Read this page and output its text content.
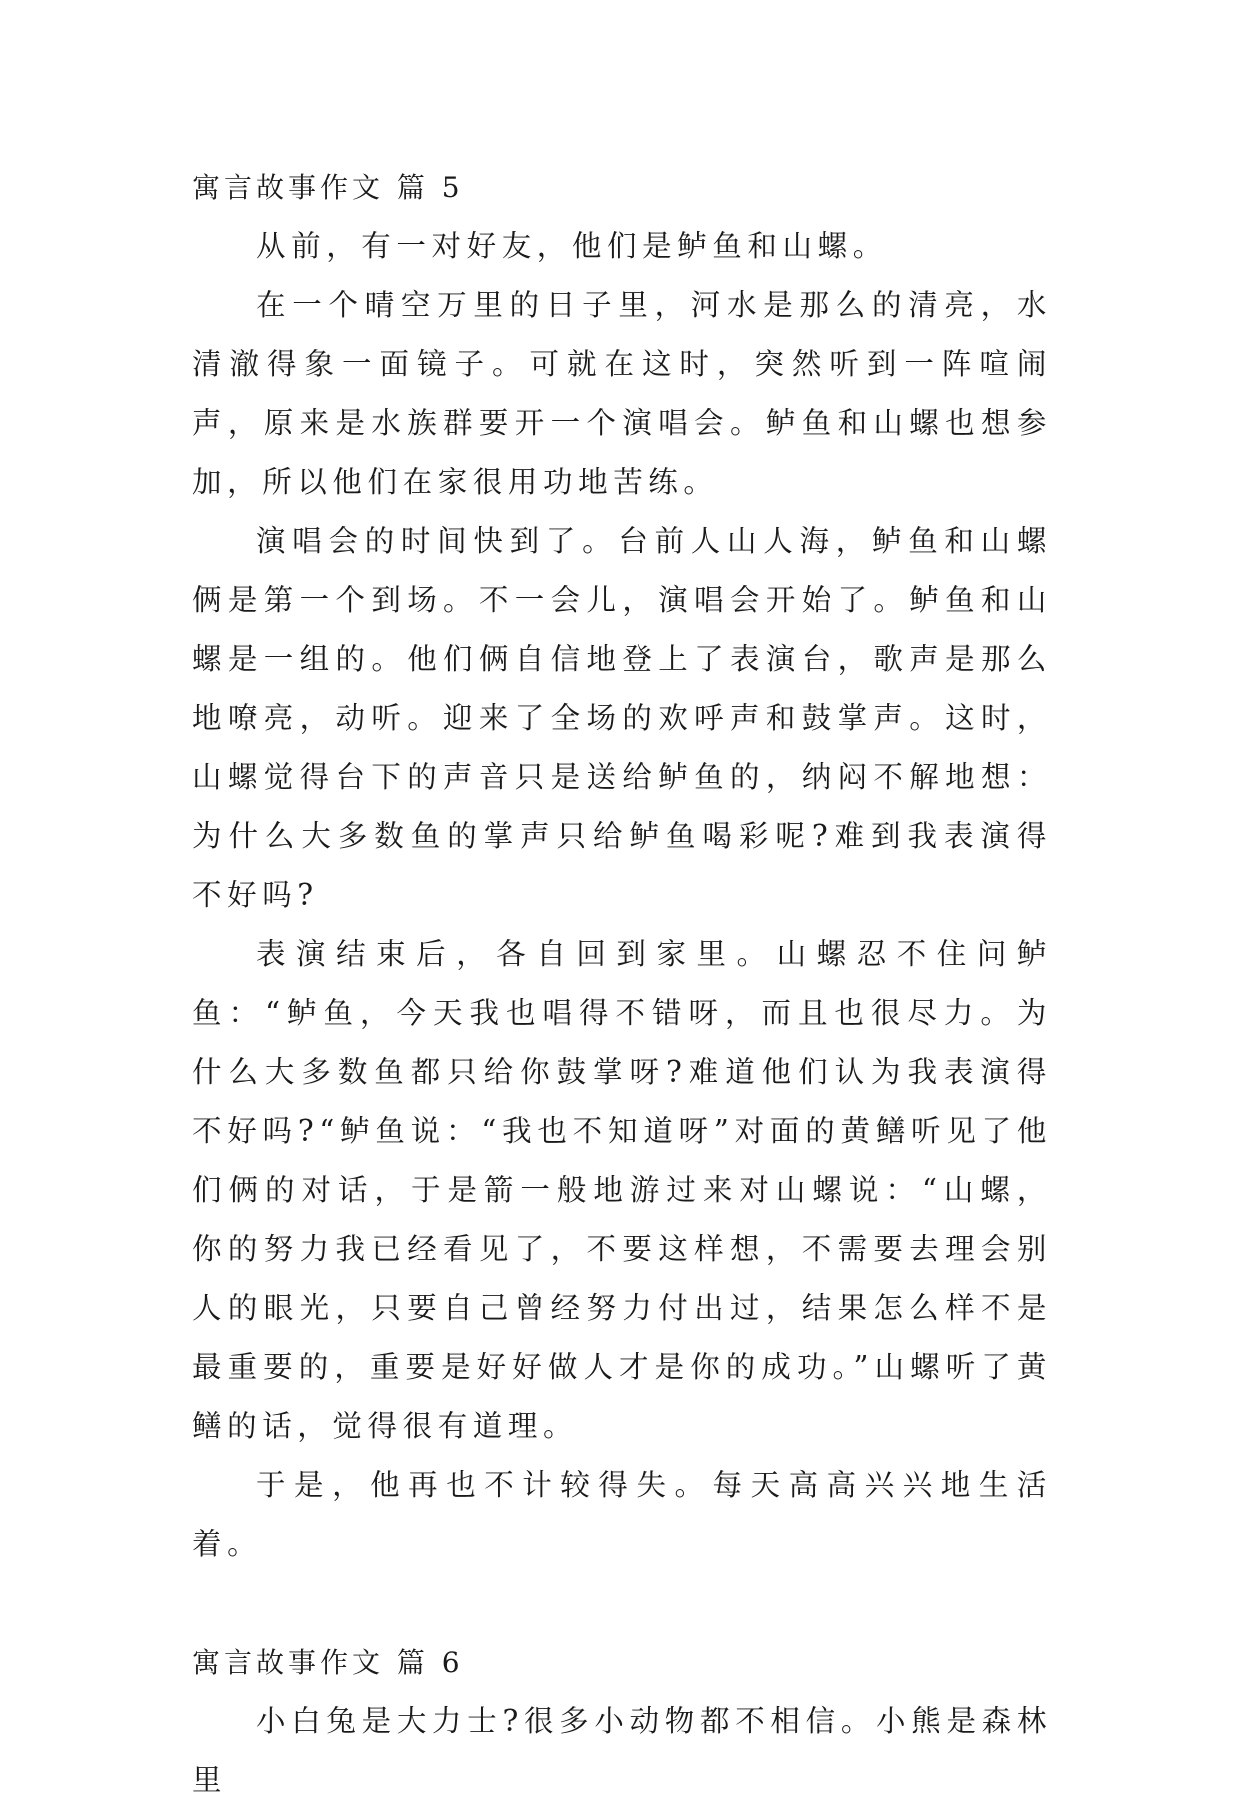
寓言故事作文 篇 5

从前，有一对好友，他们是鲈鱼和山螺。

在一个晴空万里的日子里，河水是那么的清亮，水清澈得象一面镜子。可就在这时，突然听到一阵喧闹声，原来是水族群要开一个演唱会。鲈鱼和山螺也想参加，所以他们在家很用功地苦练。

演唱会的时间快到了。台前人山人海，鲈鱼和山螺俩是第一个到场。不一会儿，演唱会开始了。鲈鱼和山螺是一组的。他们俩自信地登上了表演台，歌声是那么地嘹亮，动听。迎来了全场的欢呼声和鼓掌声。这时，山螺觉得台下的声音只是送给鲈鱼的，纳闷不解地想：为什么大多数鱼的掌声只给鲈鱼喝彩呢?难到我表演得不好吗?

表演结束后，各自回到家里。山螺忍不住问鲈鱼：“鲈鱼，今天我也唱得不错呀，而且也很尽力。为什么大多数鱼都只给你鼓掌呀?难道他们认为我表演得不好吗?“鲈鱼说：“我也不知道呀”对面的黄鳝听见了他们俩的对话，于是箭一般地游过来对山螺说：“山螺，你的努力我已经看见了，不要这样想，不需要去理会别人的眼光，只要自己曾经努力付出过，结果怎么样不是最重要的，重要是好好做人才是你的成功。”山螺听了黄鳝的话，觉得很有道理。

于是，他再也不计较得失。每天高高兴兴地生活着。

寓言故事作文 篇 6

小白兔是大力士?很多小动物都不相信。小熊是森林里
